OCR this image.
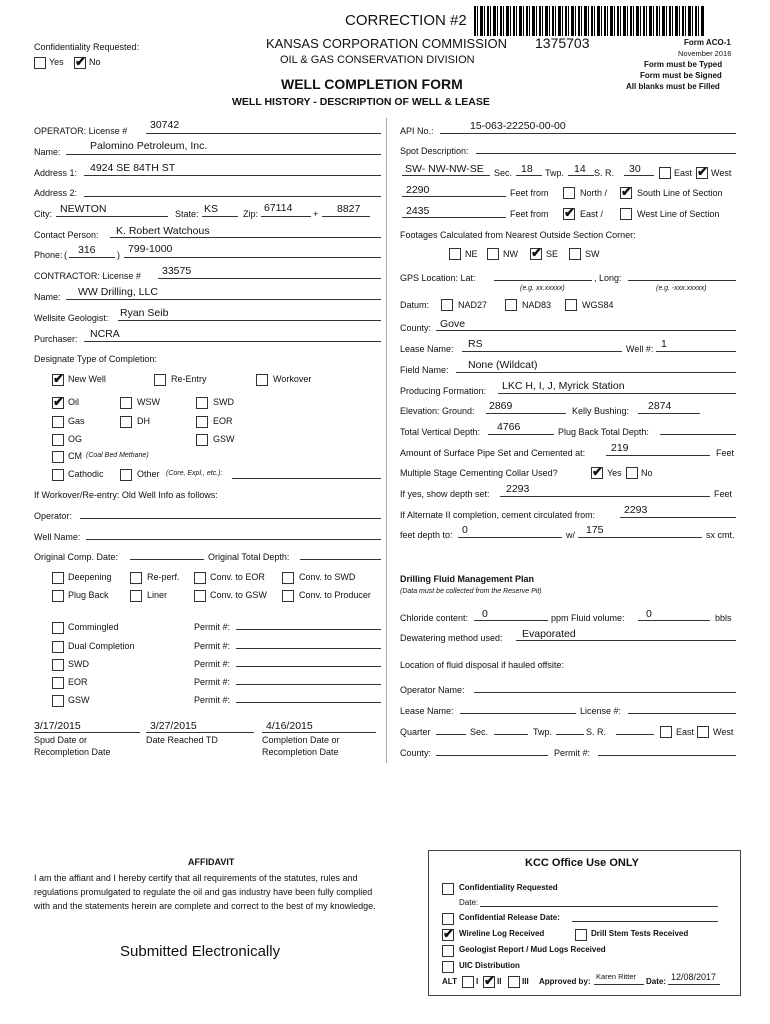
CORRECTION #2
KANSAS CORPORATION COMMISSION 1375703
OIL & GAS CONSERVATION DIVISION
Form ACO-1
November 2016
Form must be Typed
Form must be Signed
All blanks must be Filled
WELL COMPLETION FORM
WELL HISTORY - DESCRIPTION OF WELL & LEASE
Confidentiality Requested:
Yes ✔	No
OPERATOR: License # 30742
Name:	Palomino Petroleum, Inc.
Address 1: 4924 SE 84TH ST
Address 2:
City: NEWTON	State: KS	Zip: 67114 + 8827
Contact Person: K. Robert Watchous
Phone: ( 316 ) 799-1000
CONTRACTOR: License # 33575
Name: WW Drilling, LLC
Wellsite Geologist: Ryan Seib
Purchaser: NCRA
Designate Type of Completion:
✔
New Well	Re-Entry	Workover
✔
Oil	WSW	SWD
Gas	DH	EOR
OG	GSW
CM (Coal Bed Methane)
Cathodic	Other (Core, Expl., etc.):
If Workover/Re-entry: Old Well Info as follows:
Operator:
Well Name:
Original Comp. Date:	Original Total Depth:
Deepening	Re-perf.	Conv. to EOR	Conv. to SWD
Plug Back	Liner	Conv. to GSW	Conv. to Producer
Commingled	Permit #:
Dual Completion	Permit #:
SWD	Permit #:
EOR	Permit #:
GSW	Permit #:
3/17/2015	3/27/2015	4/16/2015
Spud Date or
Recompletion Date
Date Reached TD	Completion Date or
Recompletion Date
API No.:	15-063-22250-00-00
Spot Description:
SW- NW-NW-SE Sec. 18 Twp. 14 S. R. 30	East ✔ West
2290	Feet from	North / ✔	South Line of Section
2435	Feet from ✔	East /	West Line of Section
Footages Calculated from Nearest Outside Section Corner:
NE	NW ✔	SE	SW
GPS Location: Lat:	, Long:
(e.g. xx.xxxxx)	(e.g. -xxx.xxxxx)
Datum:	NAD27	NAD83	WGS84
County: Gove
Lease Name: RS	Well #: 1
Field Name: None (Wildcat)
Producing Formation: LKC H, I, J, Myrick Station
Elevation: Ground: 2869	Kelly Bushing: 2874
Total Vertical Depth: 4766	Plug Back Total Depth:
Amount of Surface Pipe Set and Cemented at: 219	Feet
Multiple Stage Cementing Collar Used? ✔	Yes No
If yes, show depth set: 2293	Feet
If Alternate II completion, cement circulated from:	2293
feet depth to: 0	w/ 175	sx cmt.
Drilling Fluid Management Plan
(Data must be collected from the Reserve Pit)
Chloride content: 0	ppm Fluid volume: 0	bbls
Dewatering method used: Evaporated
Location of fluid disposal if hauled offsite:
Operator Name:
Lease Name:	License #:
Quarter	Sec.	Twp.	S. R.	East West
County:	Permit #:
AFFIDAVIT
I am the affiant and I hereby certify that all requirements of the statutes, rules and
regulations promulgated to regulate the oil and gas industry have been fully complied
with and the statements herein are complete and correct to the best of my knowledge.
Submitted Electronically
KCC Office Use ONLY
Confidentiality Requested
Date:
Confidential Release Date:
✔
Wireline Log Received	Drill Stem Tests Received
Geologist Report / Mud Logs Received
UIC Distribution
ALT I ✔ II	III Approved by:
Karen Ritter
Date: 12/08/2017
